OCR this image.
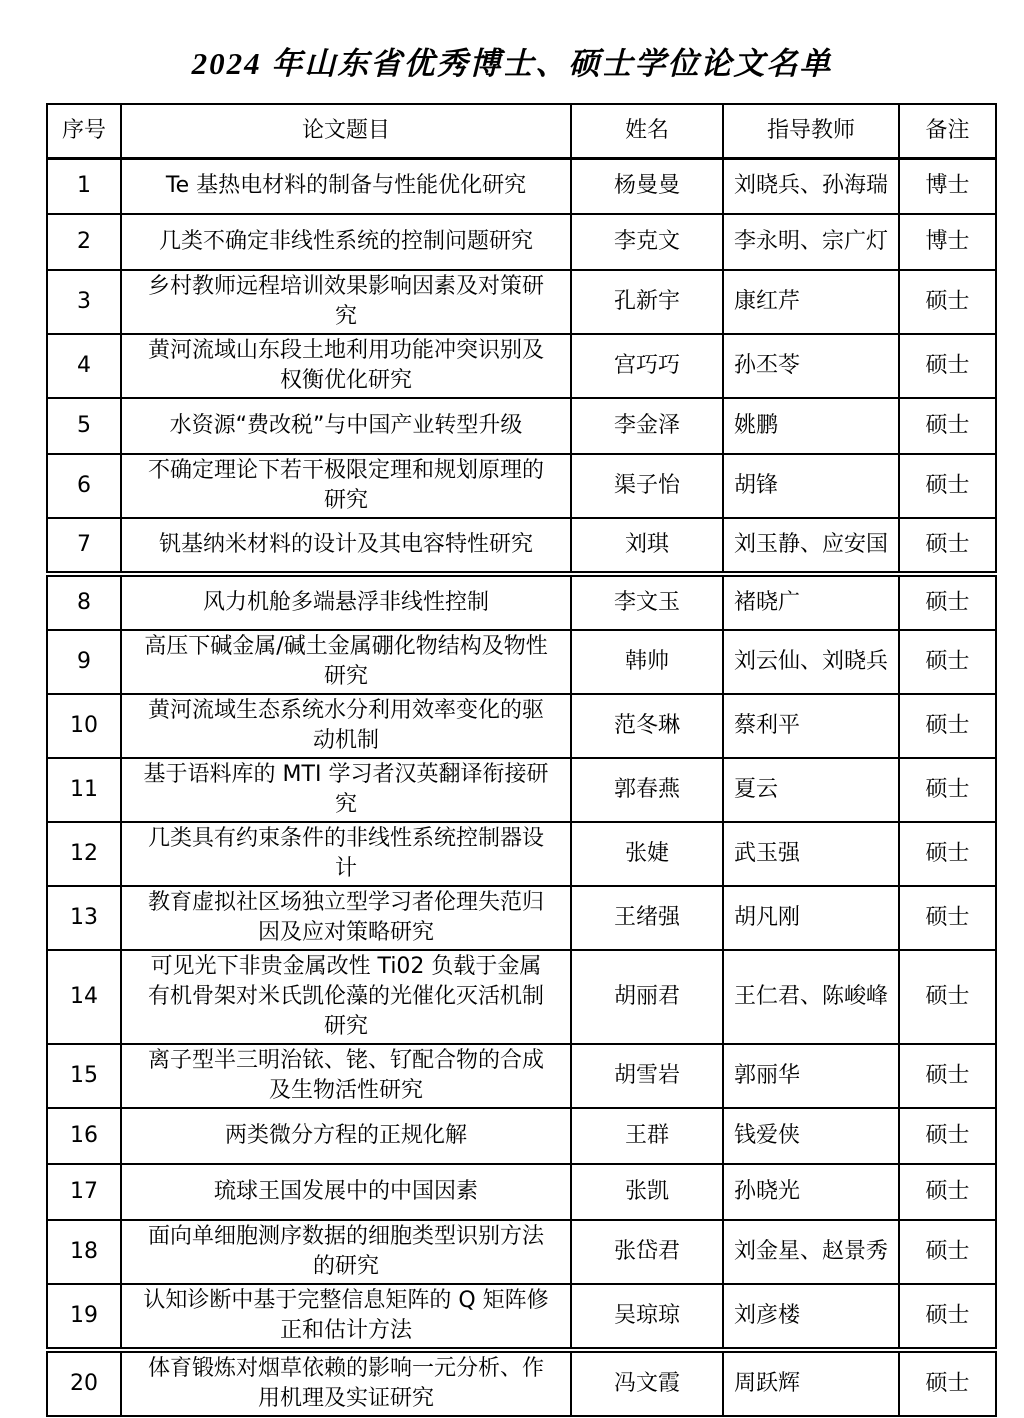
2024 年山东省优秀博士、硕士学位论文名单
序号	论文题目	姓名	指导教师	备注
1	Te 基热电材料的制备与性能优化研究	杨曼曼	刘晓兵、孙海瑞	博士
2	几类不确定非线性系统的控制问题研究	李克文	李永明、宗广灯	博士
3	乡村教师远程培训效果影响因素及对策研究	孔新宇	康红芹	硕士
4	黄河流域山东段土地利用功能冲突识别及权衡优化研究	宫巧巧	孙丕苓	硕士
5	水资源“费改税”与中国产业转型升级	李金泽	姚鹏	硕士
6	不确定理论下若干极限定理和规划原理的研究	渠子怡	胡锋	硕士
7	钒基纳米材料的设计及其电容特性研究	刘琪	刘玉静、应安国	硕士
8	风力机舱多端悬浮非线性控制	李文玉	褚晓广	硕士
9	高压下碱金属/碱土金属硼化物结构及物性研究	韩帅	刘云仙、刘晓兵	硕士
10	黄河流域生态系统水分利用效率变化的驱动机制	范冬琳	蔡利平	硕士
11	基于语料库的 MTI 学习者汉英翻译衔接研究	郭春燕	夏云	硕士
12	几类具有约束条件的非线性系统控制器设计	张婕	武玉强	硕士
13	教育虚拟社区场独立型学习者伦理失范归因及应对策略研究	王绪强	胡凡刚	硕士
14	可见光下非贵金属改性 Ti02 负载于金属有机骨架对米氏凯伦藻的光催化灭活机制研究	胡丽君	王仁君、陈峻峰	硕士
15	离子型半三明治铱、铑、钌配合物的合成及生物活性研究	胡雪岩	郭丽华	硕士
16	两类微分方程的正规化解	王群	钱爱侠	硕士
17	琉球王国发展中的中国因素	张凯	孙晓光	硕士
18	面向单细胞测序数据的细胞类型识别方法的研究	张岱君	刘金星、赵景秀	硕士
19	认知诊断中基于完整信息矩阵的 Q 矩阵修正和估计方法	吴琼琼	刘彦楼	硕士
20	体育锻炼对烟草依赖的影响一元分析、作用机理及实证研究	冯文霞	周跃辉	硕士
